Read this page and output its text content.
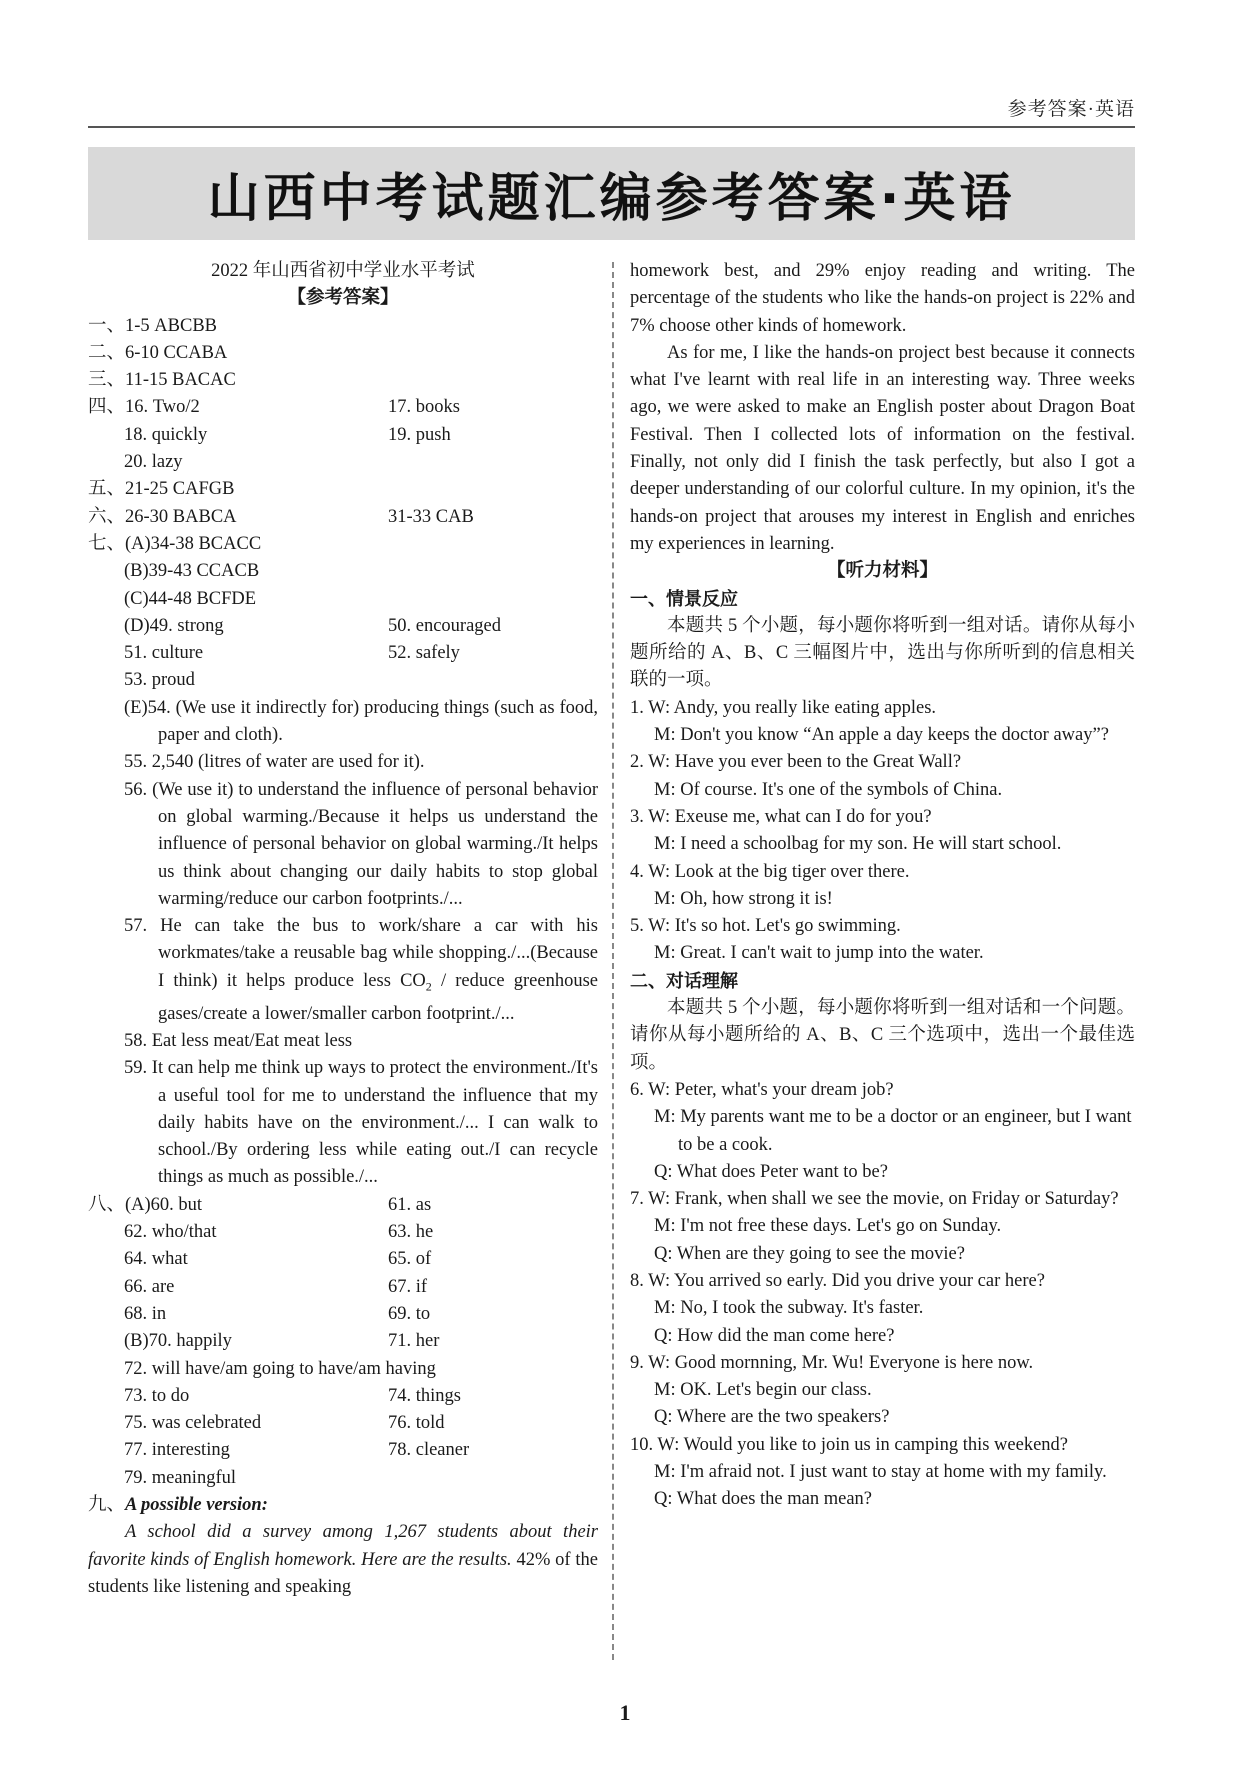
参考答案·英语
山西中考试题汇编参考答案·英语
2022 年山西省初中学业水平考试
【参考答案】
一、1-5 ABCBB
二、6-10 CCABA
三、11-15 BACAC
四、16. Two/2	17. books
18. quickly	19. push
20. lazy
五、21-25 CAFGB
六、26-30 BABCA	31-33 CAB
七、(A)34-38 BCACC
(B)39-43 CCACB
(C)44-48 BCFDE
(D)49. strong	50. encouraged
51. culture	52. safely
53. proud
(E)54. (We use it indirectly for) producing things (such as food, paper and cloth).
55. 2,540 (litres of water are used for it).
56. (We use it) to understand the influence of personal behavior on global warming./Because it helps us understand the influence of personal behavior on global warming./It helps us think about changing our daily habits to stop global warming/reduce our carbon footprints./...
57. He can take the bus to work/share a car with his workmates/take a reusable bag while shopping./...(Because I think) it helps produce less $CO_2$ / reduce greenhouse gases/create a lower/smaller carbon footprint./...
58. Eat less meat/Eat meat less
59. It can help me think up ways to protect the environment./It's a useful tool for me to understand the influence that my daily habits have on the environment./... I can walk to school./By ordering less while eating out./I can recycle things as much as possible./...
八、(A)60. but	61. as
62. who/that	63. he
64. what	65. of
66. are	67. if
68. in	69. to
(B)70. happily	71. her
72. will have/am going to have/am having
73. to do	74. things
75. was celebrated	76. told
77. interesting	78. cleaner
79. meaningful
九、A possible version:
A school did a survey among 1,267 students about their favorite kinds of English homework. Here are the results. 42% of the students like listening and speaking
homework best, and 29% enjoy reading and writing. The percentage of the students who like the hands-on project is 22% and 7% choose other kinds of homework.
As for me, I like the hands-on project best because it connects what I've learnt with real life in an interesting way. Three weeks ago, we were asked to make an English poster about Dragon Boat Festival. Then I collected lots of information on the festival. Finally, not only did I finish the task perfectly, but also I got a deeper understanding of our colorful culture. In my opinion, it's the hands-on project that arouses my interest in English and enriches my experiences in learning.
【听力材料】
一、情景反应
本题共 5 个小题，每小题你将听到一组对话。请你从每小题所给的 A、B、C 三幅图片中，选出与你所听到的信息相关联的一项。
1. W: Andy, you really like eating apples.
M: Don't you know “An apple a day keeps the doctor away”?
2. W: Have you ever been to the Great Wall?
M: Of course. It's one of the symbols of China.
3. W: Exeuse me, what can I do for you?
M: I need a schoolbag for my son. He will start school.
4. W: Look at the big tiger over there.
M: Oh, how strong it is!
5. W: It's so hot. Let's go swimming.
M: Great. I can't wait to jump into the water.
二、对话理解
本题共 5 个小题，每小题你将听到一组对话和一个问题。请你从每小题所给的 A、B、C 三个选项中，选出一个最佳选项。
6. W: Peter, what's your dream job?
M: My parents want me to be a doctor or an engineer, but I want to be a cook.
Q: What does Peter want to be?
7. W: Frank, when shall we see the movie, on Friday or Saturday?
M: I'm not free these days. Let's go on Sunday.
Q: When are they going to see the movie?
8. W: You arrived so early. Did you drive your car here?
M: No, I took the subway. It's faster.
Q: How did the man come here?
9. W: Good mornning, Mr. Wu! Everyone is here now.
M: OK. Let's begin our class.
Q: Where are the two speakers?
10. W: Would you like to join us in camping this weekend?
M: I'm afraid not. I just want to stay at home with my family.
Q: What does the man mean?
1
